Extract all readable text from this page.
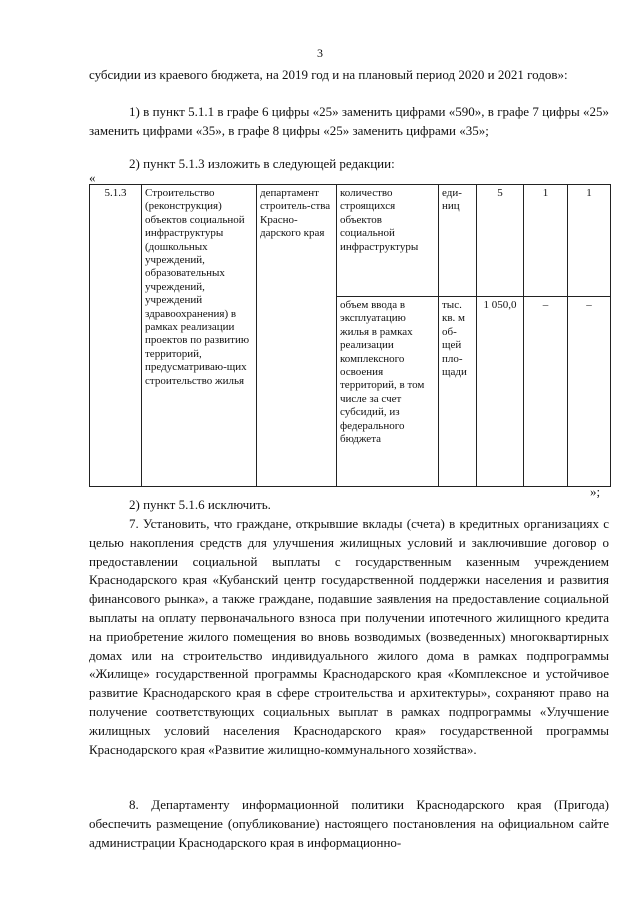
3

субсидии из краевого бюджета, на 2019 год и на плановый период 2020 и 2021 годов»:

1) в пункт 5.1.1 в графе 6 цифры «25» заменить цифрами «590», в графе 7 цифры «25» заменить цифрами «35», в графе 8 цифры «25» заменить цифрами «35»;

2) пункт 5.1.3 изложить в следующей редакции:

«
5.1.3	Строительство (реконструкция) объектов социальной инфраструктуры (дошкольных учреждений, образовательных учреждений, учреждений здравоохранения) в рамках реализации проектов по развитию территорий, предусматриваю-щих строительство жилья	департамент строитель-ства Красно-дарского края	количество строящихся объектов социальной инфраструктуры	еди-ниц	5	1	1
			объем ввода в эксплуатацию жилья в рамках реализации комплексного освоения территорий, в том числе за счет субсидий, из федерального бюджета	тыс. кв. м об-щей пло-щади	1 050,0	–	–
»;

2) пункт 5.1.6 исключить.

7. Установить, что граждане, открывшие вклады (счета) в кредитных организациях с целью накопления средств для улучшения жилищных условий и заключившие договор о предоставлении социальной выплаты с государственным казенным учреждением Краснодарского края «Кубанский центр государственной поддержки населения и развития финансового рынка», а также граждане, подавшие заявления на предоставление социальной выплаты на оплату первоначального взноса при получении ипотечного жилищного кредита на приобретение жилого помещения во вновь возводимых (возведенных) многоквартирных домах или на строительство индивидуального жилого дома в рамках подпрограммы «Жилище» государственной программы Краснодарского края «Комплексное и устойчивое развитие Краснодарского края в сфере строительства и архитектуры», сохраняют право на получение соответствующих социальных выплат в рамках подпрограммы «Улучшение жилищных условий населения Краснодарского края» государственной программы Краснодарского края «Развитие жилищно-коммунального хозяйства».

8. Департаменту информационной политики Краснодарского края (Пригода) обеспечить размещение (опубликование) настоящего постановления на официальном сайте администрации Краснодарского края в информационно-
